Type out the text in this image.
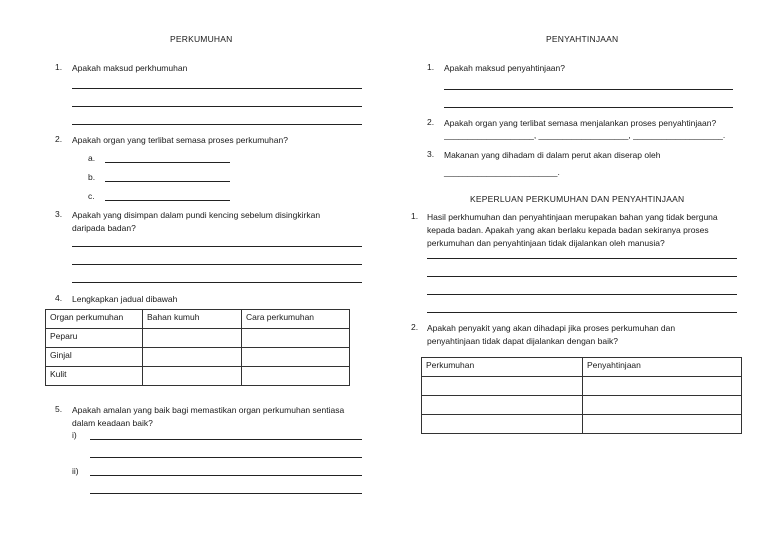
PERKUMUHAN
1. Apakah maksud perkhumuhan
2. Apakah organ yang terlibat semasa proses perkumuhan?
a.
b.
c.
3. Apakah yang disimpan dalam pundi kencing sebelum disingkirkan daripada badan?
4. Lengkapkan jadual dibawah
Organ perkumuhan	Bahan kumuh	Cara perkumuhan
Peparu		
Ginjal		
Kulit		
5. Apakah amalan yang baik bagi memastikan organ perkumuhan sentiasa dalam keadaan baik?
i)
ii)
PENYAHTINJAAN
1. Apakah maksud penyahtinjaan?
2. Apakah organ yang terlibat semasa menjalankan proses penyahtinjaan?
___________________, ___________________, ___________________.
3. Makanan yang dihadam di dalam perut akan diserap oleh
________________________.
KEPERLUAN PERKUMUHAN DAN PENYAHTINJAAN
1. Hasil perkhumuhan dan penyahtinjaan merupakan bahan yang tidak berguna kepada badan. Apakah yang akan berlaku kepada badan sekiranya proses perkumuhan dan penyahtinjaan tidak dijalankan oleh manusia?
2. Apakah penyakit yang akan dihadapi jika proses perkumuhan dan penyahtinjaan tidak dapat dijalankan dengan baik?
Perkumuhan	Penyahtinjaan
